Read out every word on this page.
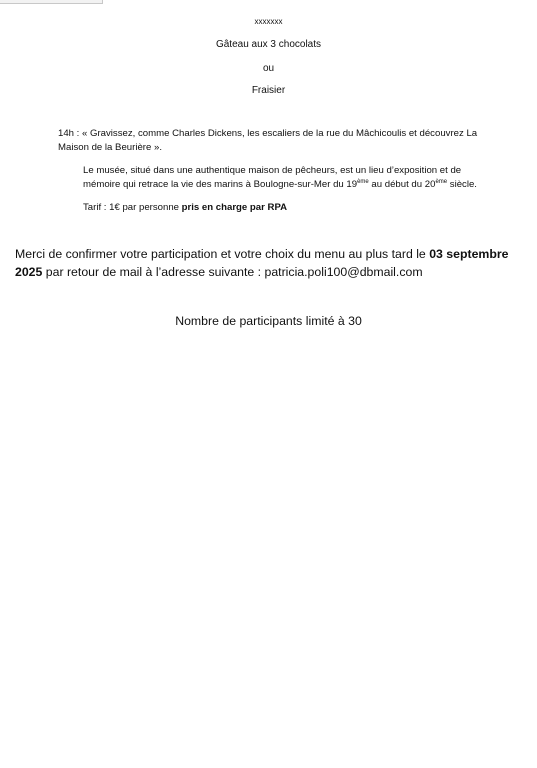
xxxxxxx
Gâteau aux 3 chocolats
ou
Fraisier
14h : « Gravissez, comme Charles Dickens, les escaliers de la rue du Mâchicoulis et découvrez La
Maison de la Beurière ».
Le musée, situé dans une authentique maison de pêcheurs, est un lieu d’exposition et de
mémoire qui retrace la vie des marins à Boulogne-sur-Mer du 19ème au début du 20ème siècle.
Tarif : 1€ par personne pris en charge par RPA
Merci de confirmer votre participation et votre choix du menu au plus tard le 03 septembre
2025 par retour de mail à l’adresse suivante : patricia.poli100@dbmail.com
Nombre de participants limité à 30
